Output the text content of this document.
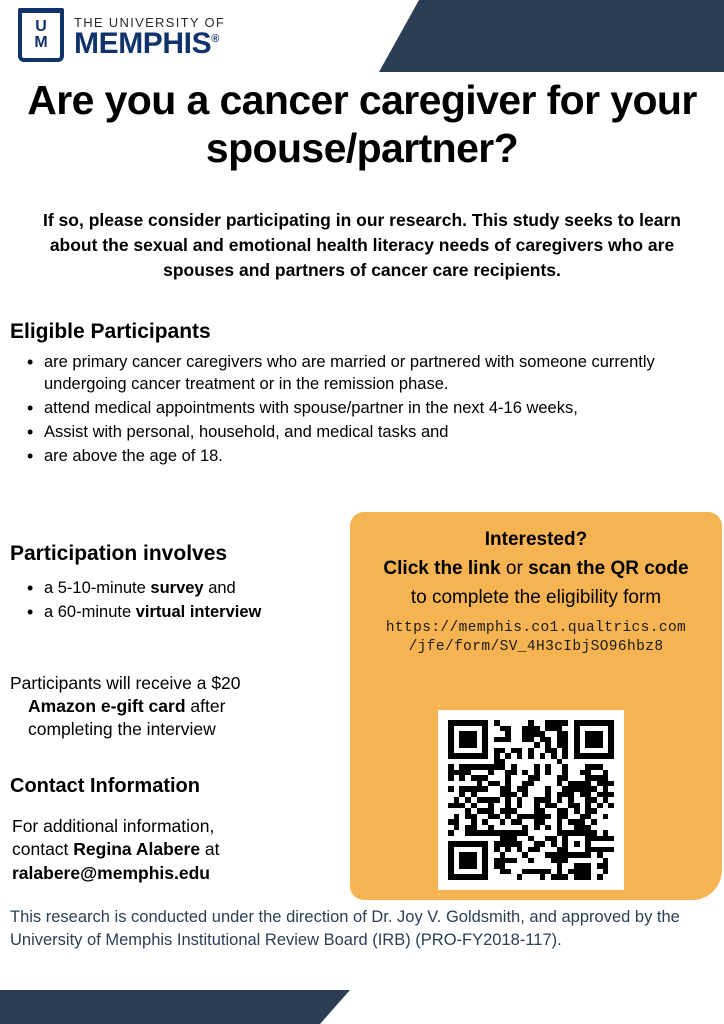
U
M
THE UNIVERSITY OF
MEMPHIS®
Are you a cancer caregiver for your spouse/partner?
If so, please consider participating in our research. This study seeks to learn about the sexual and emotional health literacy needs of caregivers who are spouses and partners of cancer care recipients.
Eligible Participants
• are primary cancer caregivers who are married or partnered with someone currently undergoing cancer treatment or in the remission phase.
• attend medical appointments with spouse/partner in the next 4-16 weeks,
• Assist with personal, household, and medical tasks and
• are above the age of 18.
Participation involves
• a 5-10-minute survey and
• a 60-minute virtual interview
Participants will receive a $20
Amazon e-gift card after
completing the interview
Contact Information
For additional information,
contact Regina Alabere at
ralabere@memphis.edu
Interested?
Click the link or scan the QR code to complete the eligibility form
https://memphis.co1.qualtrics.com
/jfe/form/SV_4H3cIbjSO96hbz8
This research is conducted under the direction of Dr. Joy V. Goldsmith, and approved by the University of Memphis Institutional Review Board (IRB) (PRO-FY2018-117).
